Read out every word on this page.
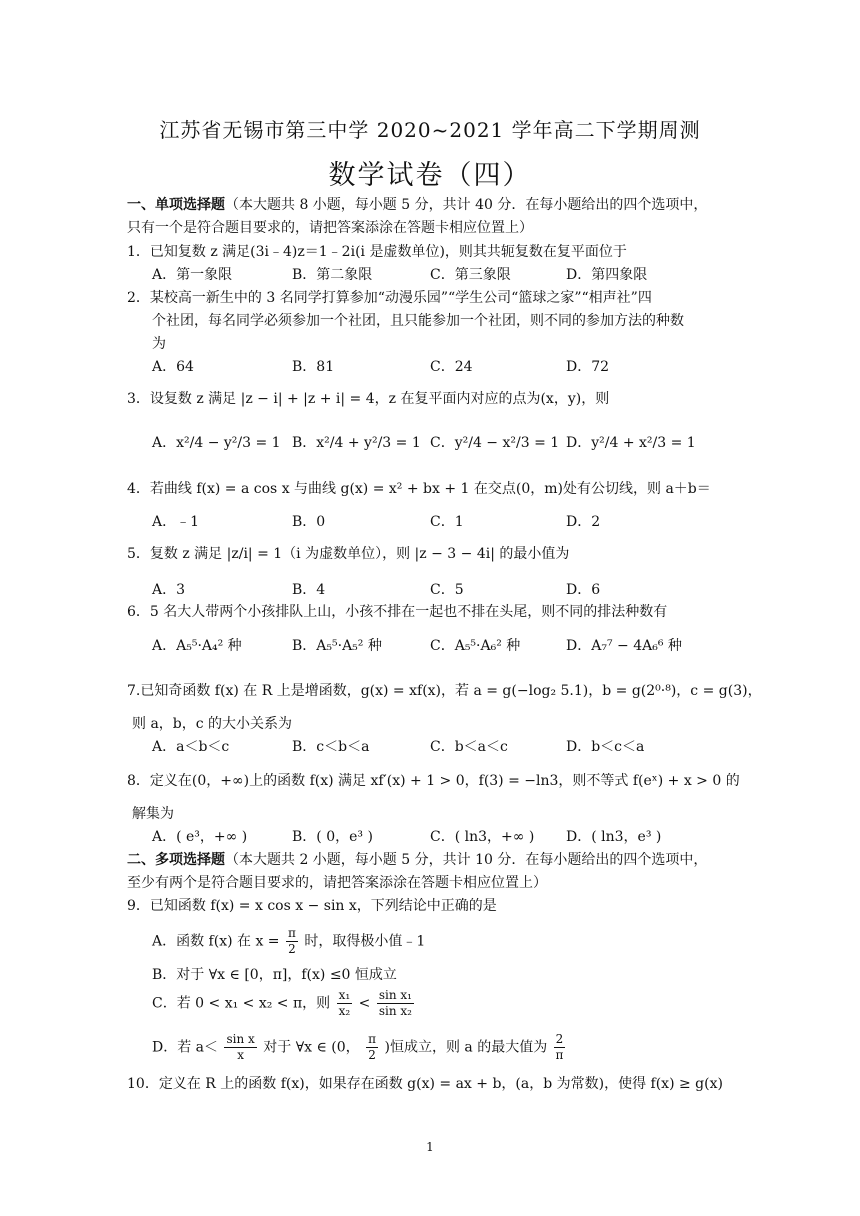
江苏省无锡市第三中学 2020~2021 学年高二下学期周测
数学试卷（四）
一、单项选择题（本大题共 8 小题，每小题 5 分，共计 40 分．在每小题给出的四个选项中，
只有一个是符合题目要求的，请把答案添涂在答题卡相应位置上）
1．已知复数 z 满足(3i﹣4)z＝1﹣2i(i 是虚数单位)，则其共轭复数在复平面位于
A．第一象限	B．第二象限	C．第三象限	D．第四象限
2．某校高一新生中的 3 名同学打算参加“动漫乐园”“学生公司“篮球之家”“相声社”四
个社团，每名同学必须参加一个社团，且只能参加一个社团，则不同的参加方法的种数
为
A．64	B．81	C．24	D．72
3．设复数 z 满足 |z − i| + |z + i| = 4，z 在复平面内对应的点为(x，y)，则
A．x²/4 − y²/3 = 1 B．x²/4 + y²/3 = 1 C．y²/4 − x²/3 = 1 D．y²/4 + x²/3 = 1
4．若曲线 f(x) = a cos x 与曲线 g(x) = x² + bx + 1 在交点(0，m)处有公切线，则 a＋b＝
A．﹣1	B．0	C．1	D．2
5．复数 z 满足 |z/i| = 1（i 为虚数单位），则 |z − 3 − 4i| 的最小值为
A．3	B．4	C．5	D．6
6．5 名大人带两个小孩排队上山，小孩不排在一起也不排在头尾，则不同的排法种数有
A．A₅⁵·A₄² 种	B．A₅⁵·A₅² 种	C．A₅⁵·A₆² 种	D．A₇⁷ − 4A₆⁶ 种
7.已知奇函数 f(x) 在 R 上是增函数，g(x) = xf(x)，若 a = g(−log₂ 5.1)，b = g(2⁰·⁸)，c = g(3)，
则 a，b，c 的大小关系为
A．a＜b＜c	B．c＜b＜a	C．b＜a＜c	D．b＜c＜a
8．定义在(0，+∞)上的函数 f(x) 满足 xf′(x) + 1 > 0，f(3) = −ln3，则不等式 f(eˣ) + x > 0 的
解集为
A．( e³，+∞ )	B．( 0，e³ )	C．( ln3，+∞ ) D．( ln3，e³ )
二、多项选择题（本大题共 2 小题，每小题 5 分，共计 10 分．在每小题给出的四个选项中，
至少有两个是符合题目要求的，请把答案添涂在答题卡相应位置上）
9．已知函数 f(x) = x cos x − sin x，下列结论中正确的是
A．函数 f(x) 在 $x = \frac{\pi}{2}$ 时，取得极小值﹣1
B．对于 ∀x ∈ [0，π]，f(x) ≤0 恒成立
C．若 0 < x₁ < x₂ < π，则 $\frac{\text{x₁}}{\text{x₂}} < \frac{\text{sin x₁}}{\text{sin x₂}}$
D．若 $a< \frac{\text{sin x}}{x}$ 对于 ∀x ∈ (0， $\frac{\pi}{2}$ )恒成立，则 a 的最大值为 $\frac{2}{\pi}$
10．定义在 R 上的函数 f(x)，如果存在函数 g(x) = ax + b，(a，b 为常数)，使得 f(x) ≥ g(x)
1
